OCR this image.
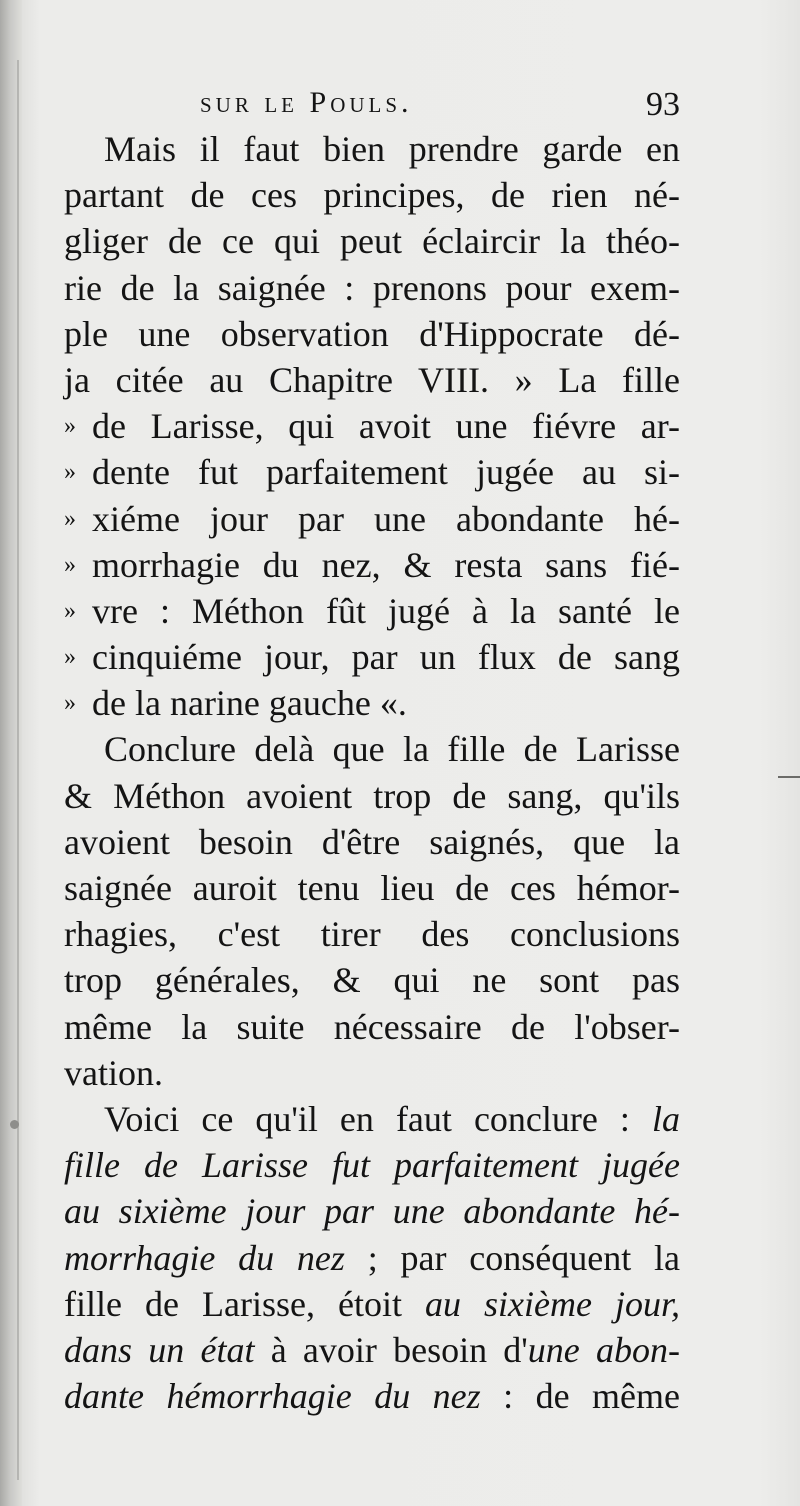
sur le Pouls.	93
Mais il faut bien prendre garde en
partant de ces principes, de rien né-
gliger de ce qui peut éclaircir la théo-
rie de la saignée : prenons pour exem-
ple une observation d'Hippocrate dé-
ja citée au Chapitre VIII. » La fille
» de Larisse, qui avoit une fiévre ar-
» dente fut parfaitement jugée au si-
» xiéme jour par une abondante hé-
» morrhagie du nez, & resta sans fié-
» vre : Méthon fût jugé à la santé le
» cinquiéme jour, par un flux de sang
» de la narine gauche «.
Conclure delà que la fille de Larisse
& Méthon avoient trop de sang, qu'ils
avoient besoin d'être saignés, que la
saignée auroit tenu lieu de ces hémor-
rhagies, c'est tirer des conclusions
trop générales, & qui ne sont pas
même la suite nécessaire de l'obser-
vation.
Voici ce qu'il en faut conclure : la
fille de Larisse fut parfaitement jugée
au sixième jour par une abondante hé-
morrhagie du nez ; par conséquent la
fille de Larisse, étoit au sixième jour,
dans un état à avoir besoin d'une abon-
dante hémorrhagie du nez : de même
